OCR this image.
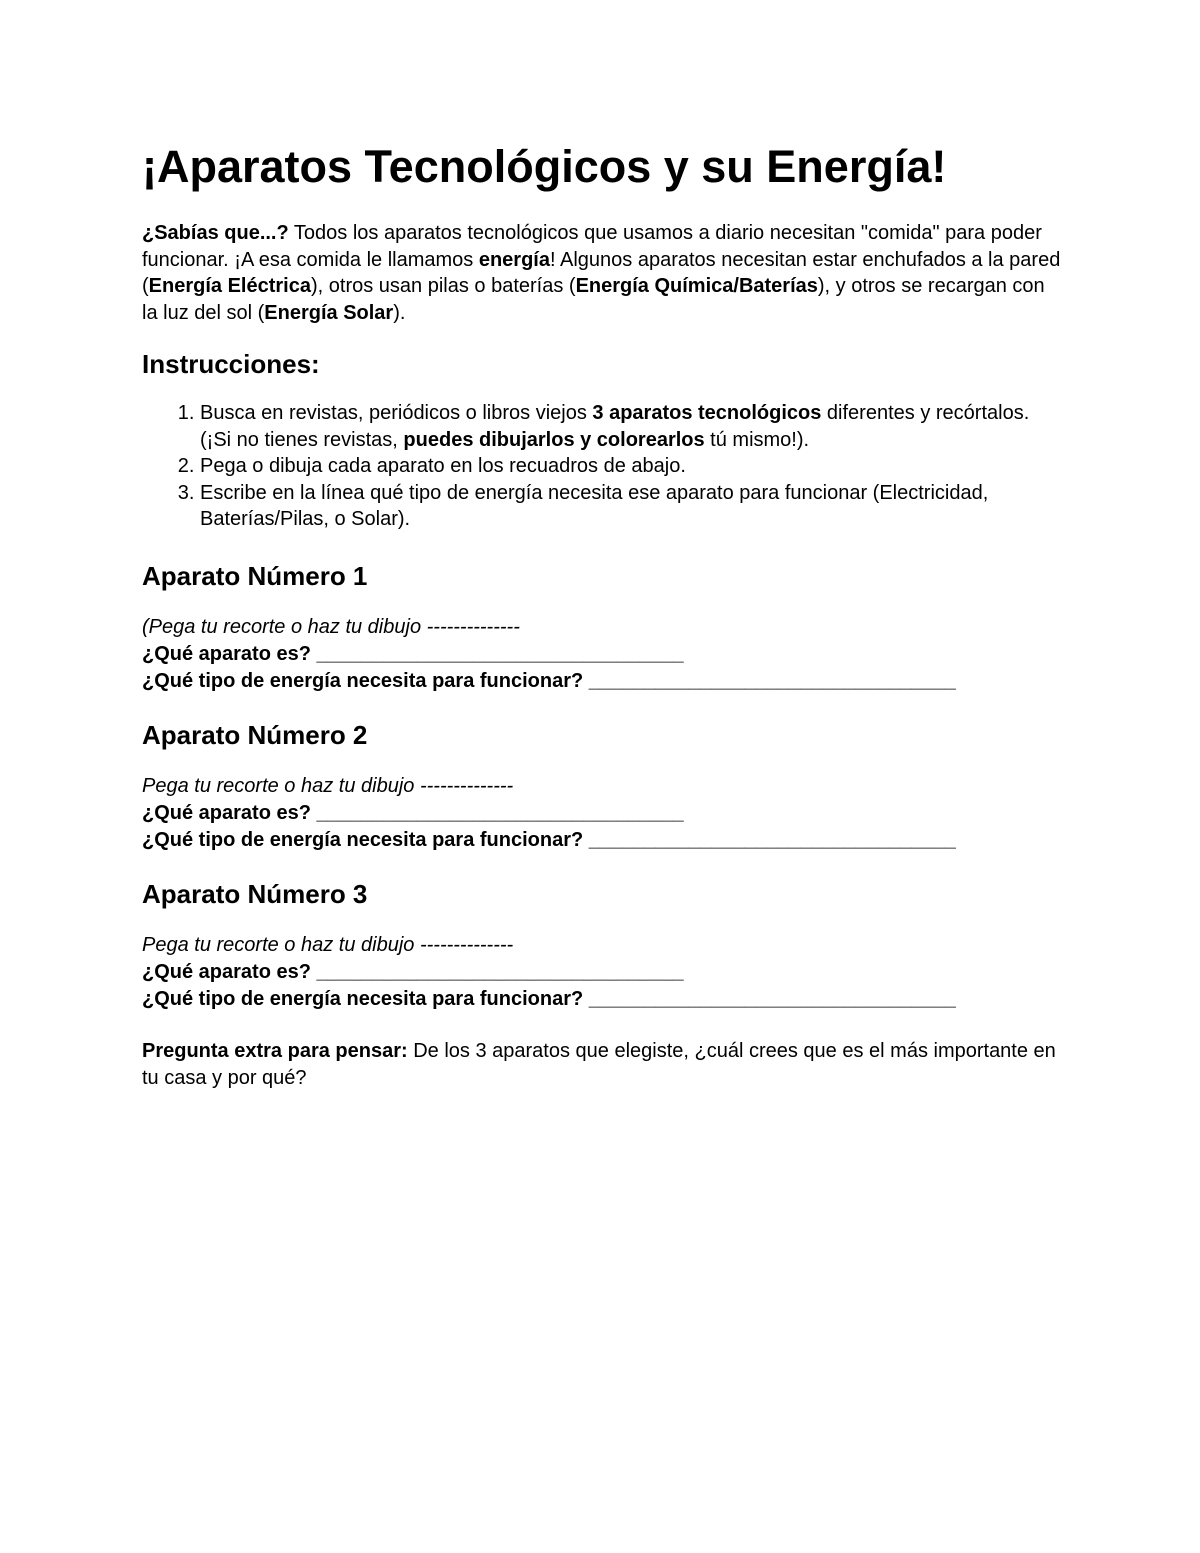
¡Aparatos Tecnológicos y su Energía!

¿Sabías que...? Todos los aparatos tecnológicos que usamos a diario necesitan "comida" para poder funcionar. ¡A esa comida le llamamos energía! Algunos aparatos necesitan estar enchufados a la pared (Energía Eléctrica), otros usan pilas o baterías (Energía Química/Baterías), y otros se recargan con la luz del sol (Energía Solar).

Instrucciones:
1. Busca en revistas, periódicos o libros viejos 3 aparatos tecnológicos diferentes y recórtalos. (¡Si no tienes revistas, puedes dibujarlos y colorearlos tú mismo!).
2. Pega o dibuja cada aparato en los recuadros de abajo.
3. Escribe en la línea qué tipo de energía necesita ese aparato para funcionar (Electricidad, Baterías/Pilas, o Solar).
Aparato Número 1
(Pega tu recorte o haz tu dibujo --------------
¿Qué aparato es? _________________________________
¿Qué tipo de energía necesita para funcionar? _________________________________
Aparato Número 2
Pega tu recorte o haz tu dibujo --------------
¿Qué aparato es? _________________________________
¿Qué tipo de energía necesita para funcionar? _________________________________
Aparato Número 3
Pega tu recorte o haz tu dibujo --------------
¿Qué aparato es? _________________________________
¿Qué tipo de energía necesita para funcionar? _________________________________

Pregunta extra para pensar: De los 3 aparatos que elegiste, ¿cuál crees que es el más importante en tu casa y por qué?
